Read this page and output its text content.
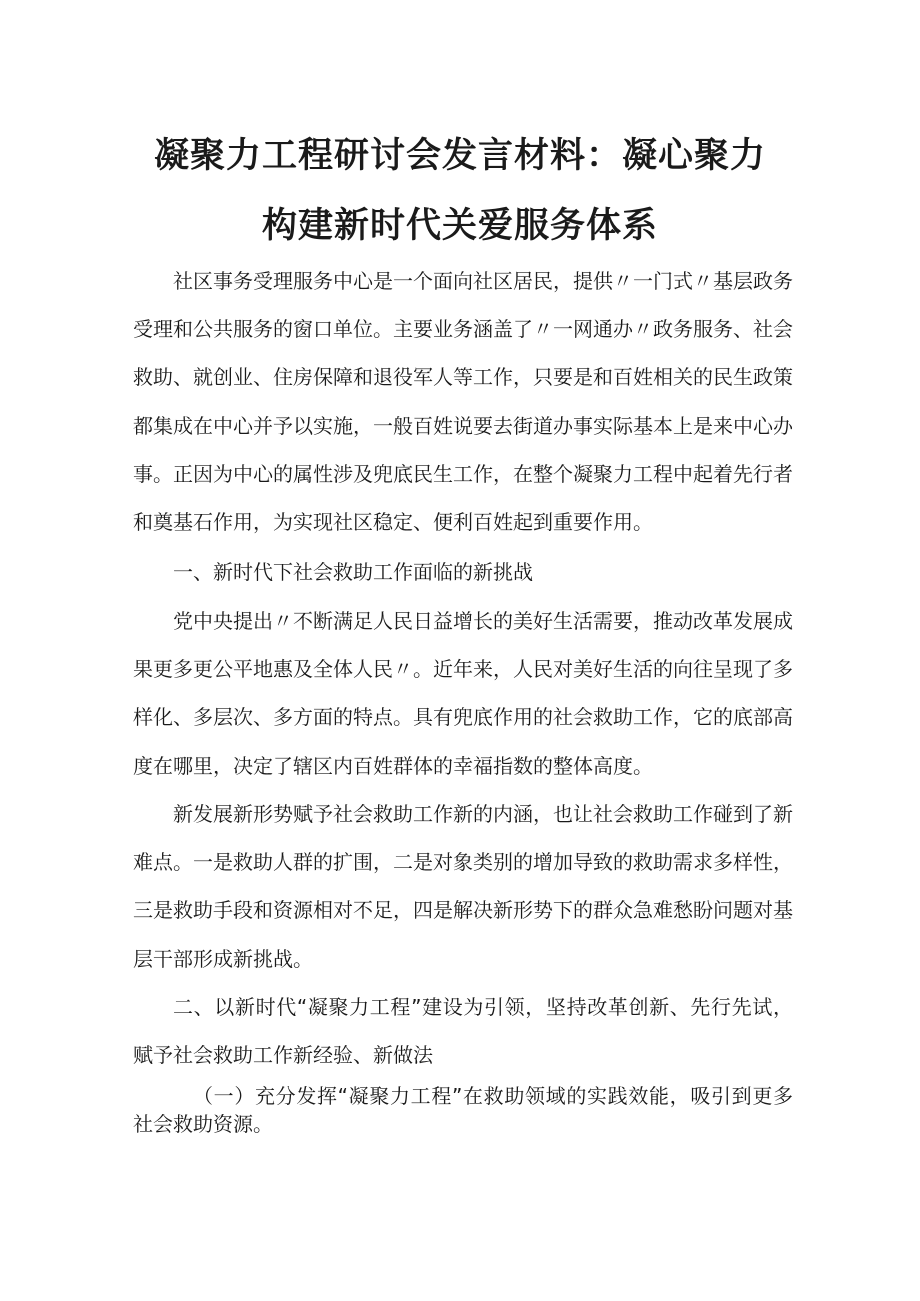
凝聚力工程研讨会发言材料：凝心聚力
构建新时代关爱服务体系

社区事务受理服务中心是一个面向社区居民，提供〃一门式〃基层政务受理和公共服务的窗口单位。主要业务涵盖了〃一网通办〃政务服务、社会救助、就创业、住房保障和退役军人等工作，只要是和百姓相关的民生政策都集成在中心并予以实施，一般百姓说要去街道办事实际基本上是来中心办事。正因为中心的属性涉及兜底民生工作，在整个凝聚力工程中起着先行者和奠基石作用，为实现社区稳定、便利百姓起到重要作用。

一、新时代下社会救助工作面临的新挑战

党中央提出〃不断满足人民日益增长的美好生活需要，推动改革发展成果更多更公平地惠及全体人民〃。近年来，人民对美好生活的向往呈现了多样化、多层次、多方面的特点。具有兜底作用的社会救助工作，它的底部高度在哪里，决定了辖区内百姓群体的幸福指数的整体高度。

新发展新形势赋予社会救助工作新的内涵，也让社会救助工作碰到了新难点。一是救助人群的扩围，二是对象类别的增加导致的救助需求多样性，三是救助手段和资源相对不足，四是解决新形势下的群众急难愁盼问题对基层干部形成新挑战。

二、以新时代“凝聚力工程”建设为引领，坚持改革创新、先行先试，赋予社会救助工作新经验、新做法

（一）充分发挥“凝聚力工程”在救助领域的实践效能，吸引到更多社会救助资源。
